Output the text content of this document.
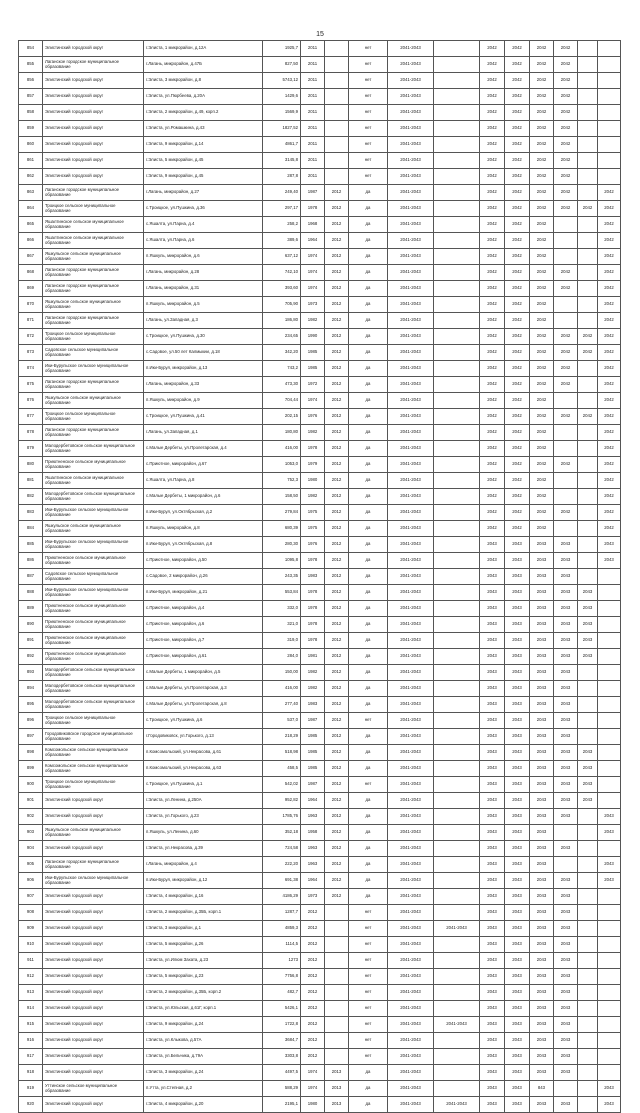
15
854	Элистинский городской округ	г.Элиста, 1 микрорайон, д.12А	1925,7	2011		нет	2041-2043		2042	2042	2042	2042		
855	Лаганское городское муниципальное образование	г.Лагань, микрорайон, д.47Б	827,50	2011		нет	2041-2043		2042	2042	2042	2042		
856	Элистинский городской округ	г.Элиста, 3 микрорайон, д.8	5743,12	2011		нет	2041-2043		2042	2042	2042	2042		
857	Элистинский городской округ	г.Элиста, ул.Пюрбеева, д.20А	1429,6	2011		нет	2041-2043		2042	2042	2042	2042		
858	Элистинский городской округ	г.Элиста, 2 микрорайон, д.49, корп.2	1569,9	2011		нет	2041-2043		2042	2042	2042	2042		
859	Элистинский городской округ	г.Элиста, ул.Ромашкина, д.43	1827,52	2011		нет	2041-2043		2042	2042	2042	2042		
860	Элистинский городской округ	г.Элиста, 9 микрорайон, д.14	4861,7	2011		нет	2041-2043		2042	2042	2042	2042		
861	Элистинский городской округ	г.Элиста, 5 микрорайон, д.45	3145,8	2011		нет	2041-2043		2042	2042	2042	2042		
862	Элистинский городской округ	г.Элиста, 9 микрорайон, д.45	287,8	2011		нет	2041-2043		2042	2042	2042	2042		
863	Лаганское городское муниципальное образование	г.Лагань, микрорайон, д.27	249,40	1987	2012	да	2041-2043		2042	2042	2042	2042		2042
864	Троицкое сельское муниципальное образование	с.Троицкое, ул.Пушкина, д.36	297,17	1978	2012	да	2041-2043		2042	2042	2042	2042	2042	2042
865	Яшалтинское сельское муниципальное образование	с.Яшалта, ул.Парна, д.4	258,2	1968	2012	да	2041-2043		2042	2042	2042			2042
866	Яшалтинское сельское муниципальное образование	с.Яшалта, ул.Парна, д.6	389,6	1964	2012	да	2041-2043		2042	2042	2042			2042
867	Яшкульское сельское муниципальное образование	п.Яшкуль, микрорайон, д.6	637,12	1974	2012	да	2041-2043		2042	2042	2042			2042
868	Лаганское городское муниципальное образование	г.Лагань, микрорайон, д.28	742,10	1974	2012	да	2041-2043		2042	2042	2042	2042		2042
869	Лаганское городское муниципальное образование	г.Лагань, микрорайон, д.31	393,60	1974	2012	да	2041-2043		2042	2042	2042	2042		2042
870	Яшкульское сельское муниципальное образование	п.Яшкуль, микрорайон, д.5	705,90	1973	2012	да	2041-2043		2042	2042	2042			2042
871	Лаганское городское муниципальное образование	г.Лагань, ул.Западная, д.3	186,80	1982	2012	да	2041-2043		2042	2042	2042			2042
872	Троицкое сельское муниципальное образование	с.Троицкое, ул.Пушкина, д.30	234,65	1990	2012	да	2041-2043		2042	2042	2042	2042	2042	2042
873	Садовское сельское муниципальное образование	с.Садовое, ул.50 лет Калмыкии, д.18	342,20	1985	2012	да	2041-2043		2042	2042	2042	2042	2042	2042
874	Ики-Бурульское сельское муниципальное образование	п.Ики-Бурул, микрорайон, д.13	743,2	1985	2012	да	2041-2043		2042	2042	2042	2042		2042
875	Лаганское городское муниципальное образование	г.Лагань, микрорайон, д.33	473,30	1972	2012	да	2041-2043		2042	2042	2042	2042		2042
876	Яшкульское сельское муниципальное образование	п.Яшкуль, микрорайон, д.9	704,44	1974	2012	да	2041-2043		2042	2042	2042			2042
877	Троицкое сельское муниципальное образование	с.Троицкое, ул.Пушкина, д.41	202,15	1976	2012	да	2041-2043		2042	2042	2042	2042	2042	2042
878	Лаганское городское муниципальное образование	г.Лагань, ул.Западная, д.1	180,80	1982	2012	да	2041-2043		2042	2042	2042			2042
879	Малодербетовское сельское муниципальное образование	с.Малые Дербеты, ул.Пролетарская, д.4	416,00	1978	2012	да	2041-2043		2042	2042	2042			2042
880	Приютненское сельское муниципальное образование	с.Приютное, микрорайон, д.67	1053,0	1979	2012	да	2041-2043		2042	2042	2042	2042		2042
881	Яшалтинское сельское муниципальное образование	с.Яшалта, ул.Парна, д.8	752,3	1980	2012	да	2041-2043		2042	2042	2042			2042
882	Малодербетовское сельское муниципальное образование	с.Малые Дербеты, 1 микрорайон, д.6	158,50	1982	2012	да	2041-2043		2042	2042	2042			2042
883	Ики-Бурульское сельское муниципальное образование	п.Ики-Бурул, ул.Октябрьская, д.2	279,84	1975	2012	да	2041-2043		2042	2042	2042	2042		2042
884	Яшкульское сельское муниципальное образование	п.Яшкуль, микрорайон, д.8	680,39	1975	2012	да	2041-2043		2042	2042	2042			2042
885	Ики-Бурульское сельское муниципальное образование	п.Ики-Бурул, ул.Октябрьская, д.8	280,30	1976	2012	да	2041-2043		2043	2043	2043	2043		2043
886	Приютненское сельское муниципальное образование	с.Приютное, микрорайон, д.50	1095,8	1978	2012	да	2041-2043		2043	2043	2043	2043		2043
887	Садовское сельское муниципальное образование	с.Садовое, 2 микрорайон, д.26	243,35	1983	2012	да	2041-2043		2043	2043	2043	2043		
888	Ики-Бурульское сельское муниципальное образование	п.Ики-Бурул, микрорайон, д.21	553,84	1978	2012	да	2041-2043		2043	2043	2043	2043	2043	
889	Приютненское сельское муниципальное образование	с.Приютное, микрорайон, д.4	332,0	1978	2012	да	2041-2043		2043	2043	2043	2043	2043	
890	Приютненское сельское муниципальное образование	с.Приютное, микрорайон, д.6	321,0	1978	2012	да	2041-2043		2043	2043	2043	2043	2043	
891	Приютненское сельское муниципальное образование	с.Приютное, микрорайон, д.7	319,0	1978	2012	да	2041-2043		2043	2043	2043	2043	2043	
892	Приютненское сельское муниципальное образование	с.Приютное, микрорайон, д.61	284,0	1981	2012	да	2041-2043		2043	2043	2043	2043	2043	
893	Малодербетовское сельское муниципальное образование	с.Малые Дербеты, 1 микрорайон, д.5	150,00	1982	2012	да	2041-2043		2043	2043	2043	2043		
894	Малодербетовское сельское муниципальное образование	с.Малые Дербеты, ул.Пролетарская, д.3	416,00	1982	2012	да	2041-2043		2043	2043	2043	2043		
895	Малодербетовское сельское муниципальное образование	с.Малые Дербеты, ул.Пролетарская, д.8	277,40	1983	2012	да	2041-2043		2043	2043	2043	2043		
896	Троицкое сельское муниципальное образование	с.Троицкое, ул.Пушкина, д.6	537,0	1987	2012	нет	2041-2043		2043	2043	2043	2043		
897	Городовиковское городское муниципальное образование	г.Городовиковск, ул.Горького, д.13	218,29	1985	2012	да	2041-2043		2043	2043	2043	2043		
898	Комсомольское сельское муниципальное образование	п.Комсомольский, ул.Некрасова, д.61	518,98	1985	2012	да	2041-2043		2043	2043	2043	2043	2043	
899	Комсомольское сельское муниципальное образование	п.Комсомольский, ул.Некрасова, д.63	458,5	1985	2012	да	2041-2043		2043	2043	2043	2043	2043	
900	Троицкое сельское муниципальное образование	с.Троицкое, ул.Пушкина, д.1	542,02	1987	2012	нет	2041-2043		2043	2043	2043	2043	2043	
901	Элистинский городской округ	г.Элиста, ул.Ленина, д.250А	952,82	1964	2012	да	2041-2043		2043	2043	2043	2043	2043	
902	Элистинский городской округ	г.Элиста, ул.Горького, д.23	1785,76	1963	2012	да	2041-2043		2043	2043	2043	2043		2043
903	Яшкульское сельское муниципальное образование	п.Яшкуль, ул.Ленина, д.60	352,18	1958	2012	да	2041-2043		2043	2043	2043			2043
904	Элистинский городской округ	г.Элиста, ул.Некрасова, д.39	724,58	1963	2012	да	2041-2043		2043	2043	2043	2043		
905	Лаганское городское муниципальное образование	г.Лагань, микрорайон, д.4	222,20	1963	2012	да	2041-2043		2043	2043	2043			2043
906	Ики-Бурульское сельское муниципальное образование	п.Ики-Бурул, микрорайон, д.12	691,38	1964	2012	да	2041-2043		2043	2043	2043	2043		2043
907	Элистинский городской округ	г.Элиста, 4 микрорайон, д.16	4186,29	1973	2012	да	2041-2043		2043	2043	2043	2043		
908	Элистинский городской округ	г.Элиста, 2 микрорайон, д.35Б, корп.1	1287,7	2012		нет	2041-2043		2043	2043	2043	2043		
909	Элистинский городской округ	г.Элиста, 3 микрорайон, д.1	4859,3	2012		нет	2041-2043	2041-2043	2043	2043	2043	2043		
910	Элистинский городской округ	г.Элиста, 5 микрорайон, д.26	1114,5	2012		нет	2041-2043		2043	2043	2043	2043		
911	Элистинский городской округ	г.Элиста, ул.Илюм Захата, д.23	1273	2012		нет	2041-2043		2043	2043	2043	2043		
912	Элистинский городской округ	г.Элиста, 5 микрорайон, д.23	7756,8	2012		нет	2041-2043		2043	2043	2043	2043		
913	Элистинский городской округ	г.Элиста, 2 микрорайон, д.35Б, корп.2	482,7	2012		нет	2041-2043		2043	2043	2043	2043		
914	Элистинский городской округ	г.Элиста, ул.Юльская, д.61Г, корп.1	5426,1	2012		нет	2041-2043		2043	2043	2043	2043		
915	Элистинский городской округ	г.Элиста, 9 микрорайон, д.24	1722,8	2012		нет	2041-2043	2041-2043	2043	2043	2043	2043		
916	Элистинский городской округ	г.Элиста, ул.Клыкова, д.57А	3684,7	2012		нет	2041-2043		2043	2043	2043	2043		
917	Элистинский городской округ	г.Элиста, ул.Бельчика, д.79А	3303,8	2012		нет	2041-2043		2043	2043	2043	2043		
918	Элистинский городской округ	г.Элиста, 3 микрорайон, д.24	4497,5	1974	2013	да	2041-2043		2043	2043	2043	2043		
919	Уттинское сельское муниципальное образование	п.Утта, ул.Степная, д.2	588,29	1974	2013	да	2041-2043		2043	2043	843			2043
920	Элистинский городской округ	г.Элиста, 4 микрорайон, д.20	2195,1	1980	2013	да	2041-2043	2041-2043	2043	2043	2043	2043		2043
